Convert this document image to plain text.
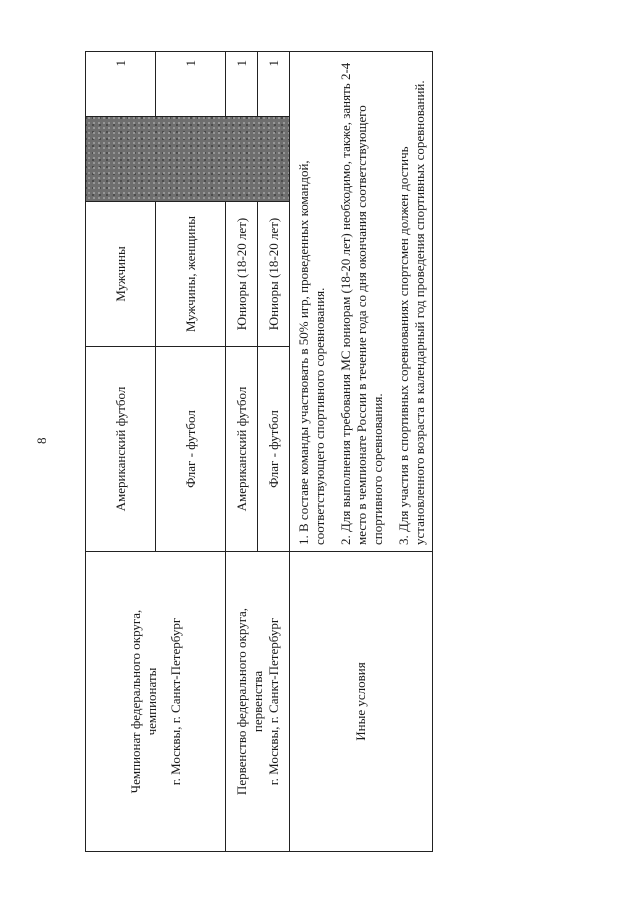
8
Чемпионат федерального округа, чемпионаты г. Москвы, г. Санкт-Петербург	Американский футбол	Мужчины		1
	Флаг - футбол	Мужчины, женщины		1

Первенство федерального округа, первенства г. Москвы, г. Санкт-Петербург	Американский футбол	Юниоры (18-20 лет)		1
	Флаг - футбол	Юниоры (18-20 лет)		1
Иные условия	1. В составе команды участвовать в 50% игр, проведенных командой, соответствующего спортивного соревнования. 2. Для выполнения требования МС юниорам (18-20 лет) необходимо, также, занять 2-4 место в чемпионате России в течение года со дня окончания соответствующего спортивного соревнования. 3. Для участия в спортивных соревнованиях спортсмен должен достичь установленного возраста в календарный год проведения спортивных соревнований.			
